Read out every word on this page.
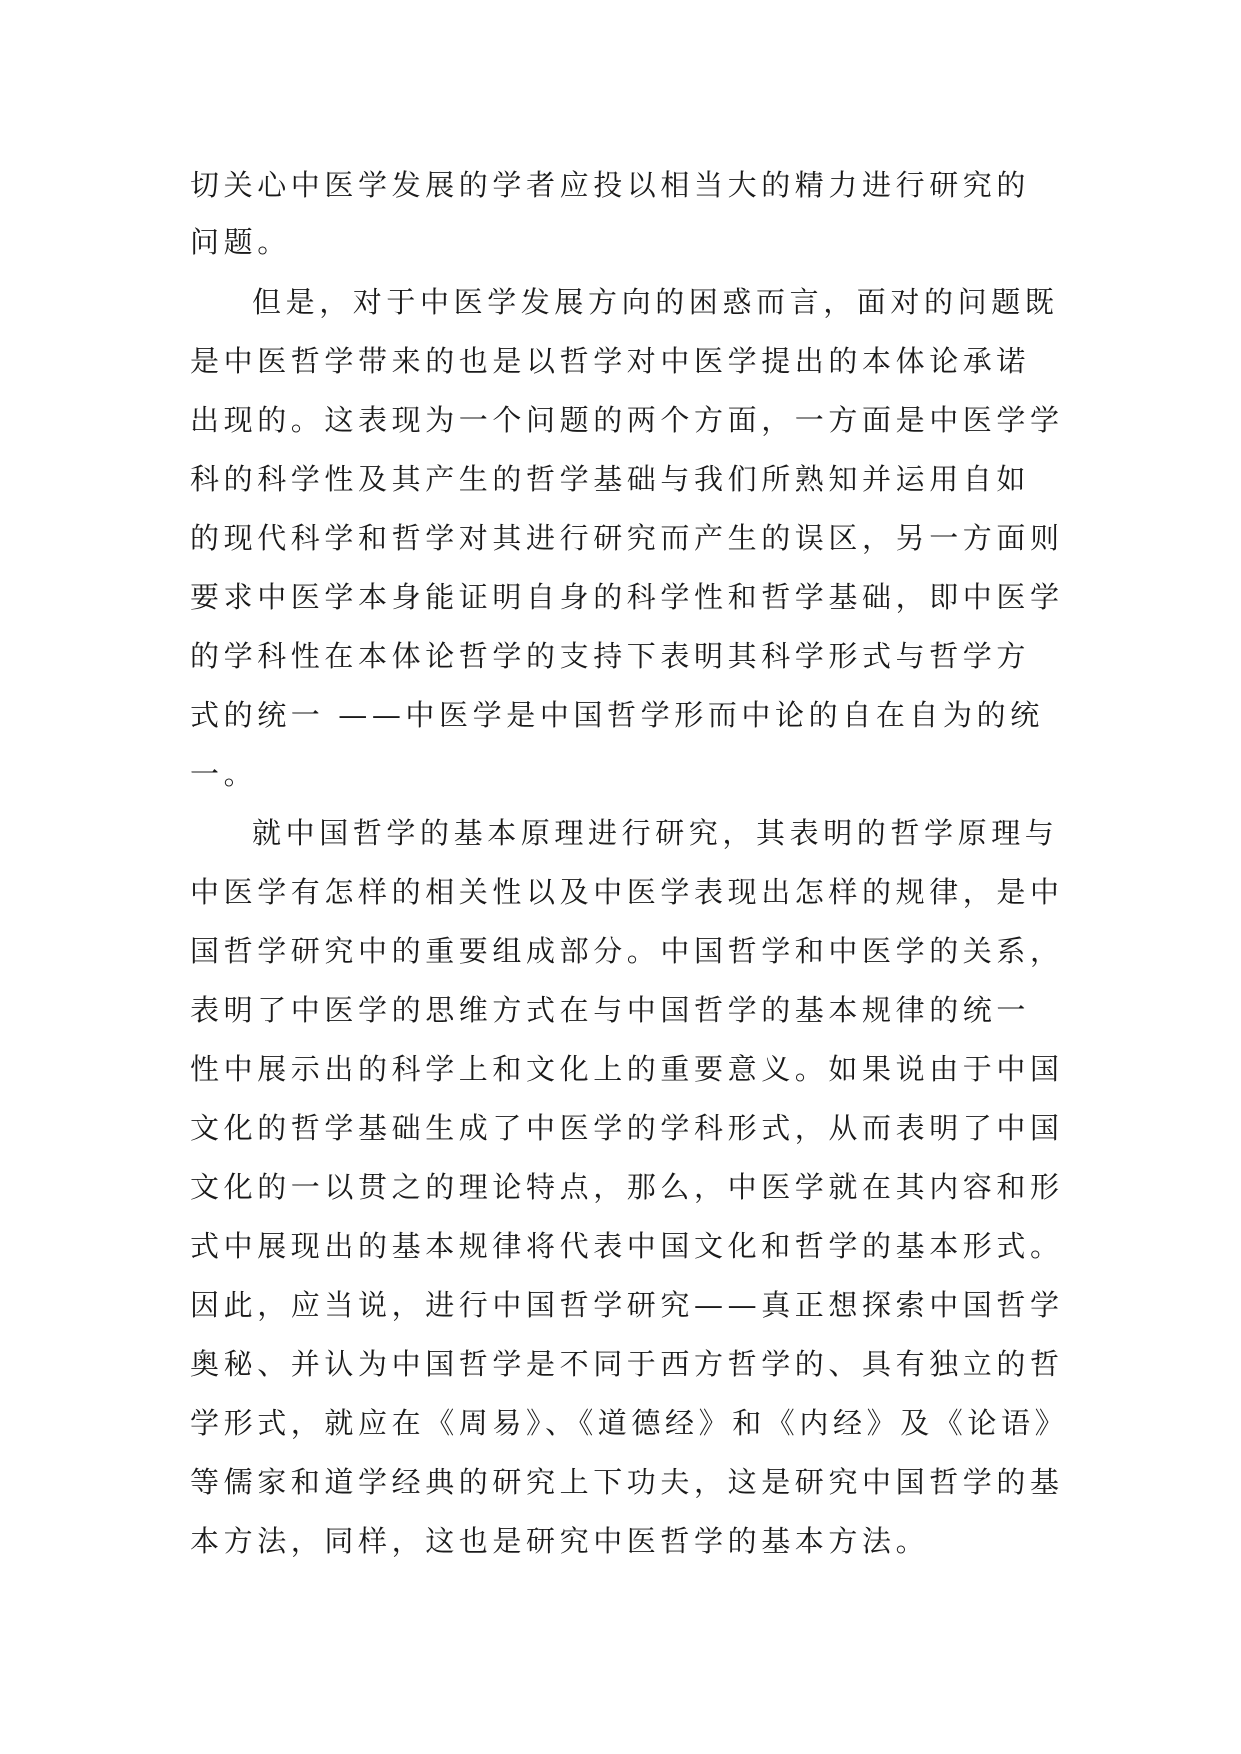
切关心中医学发展的学者应投以相当大的精力进行研究的
问题。
但是，对于中医学发展方向的困惑而言，面对的问题既
是中医哲学带来的也是以哲学对中医学提出的本体论承诺
出现的。这表现为一个问题的两个方面，一方面是中医学学
科的科学性及其产生的哲学基础与我们所熟知并运用自如
的现代科学和哲学对其进行研究而产生的误区，另一方面则
要求中医学本身能证明自身的科学性和哲学基础，即中医学
的学科性在本体论哲学的支持下表明其科学形式与哲学方
式的统一 ——中医学是中国哲学形而中论的自在自为的统
一。
就中国哲学的基本原理进行研究，其表明的哲学原理与
中医学有怎样的相关性以及中医学表现出怎样的规律，是中
国哲学研究中的重要组成部分。中国哲学和中医学的关系，
表明了中医学的思维方式在与中国哲学的基本规律的统一
性中展示出的科学上和文化上的重要意义。如果说由于中国
文化的哲学基础生成了中医学的学科形式，从而表明了中国
文化的一以贯之的理论特点，那么，中医学就在其内容和形
式中展现出的基本规律将代表中国文化和哲学的基本形式。
因此，应当说，进行中国哲学研究——真正想探索中国哲学
奥秘、并认为中国哲学是不同于西方哲学的、具有独立的哲
学形式，就应在《周易》、《道德经》和《内经》及《论语》
等儒家和道学经典的研究上下功夫，这是研究中国哲学的基
本方法，同样，这也是研究中医哲学的基本方法。
